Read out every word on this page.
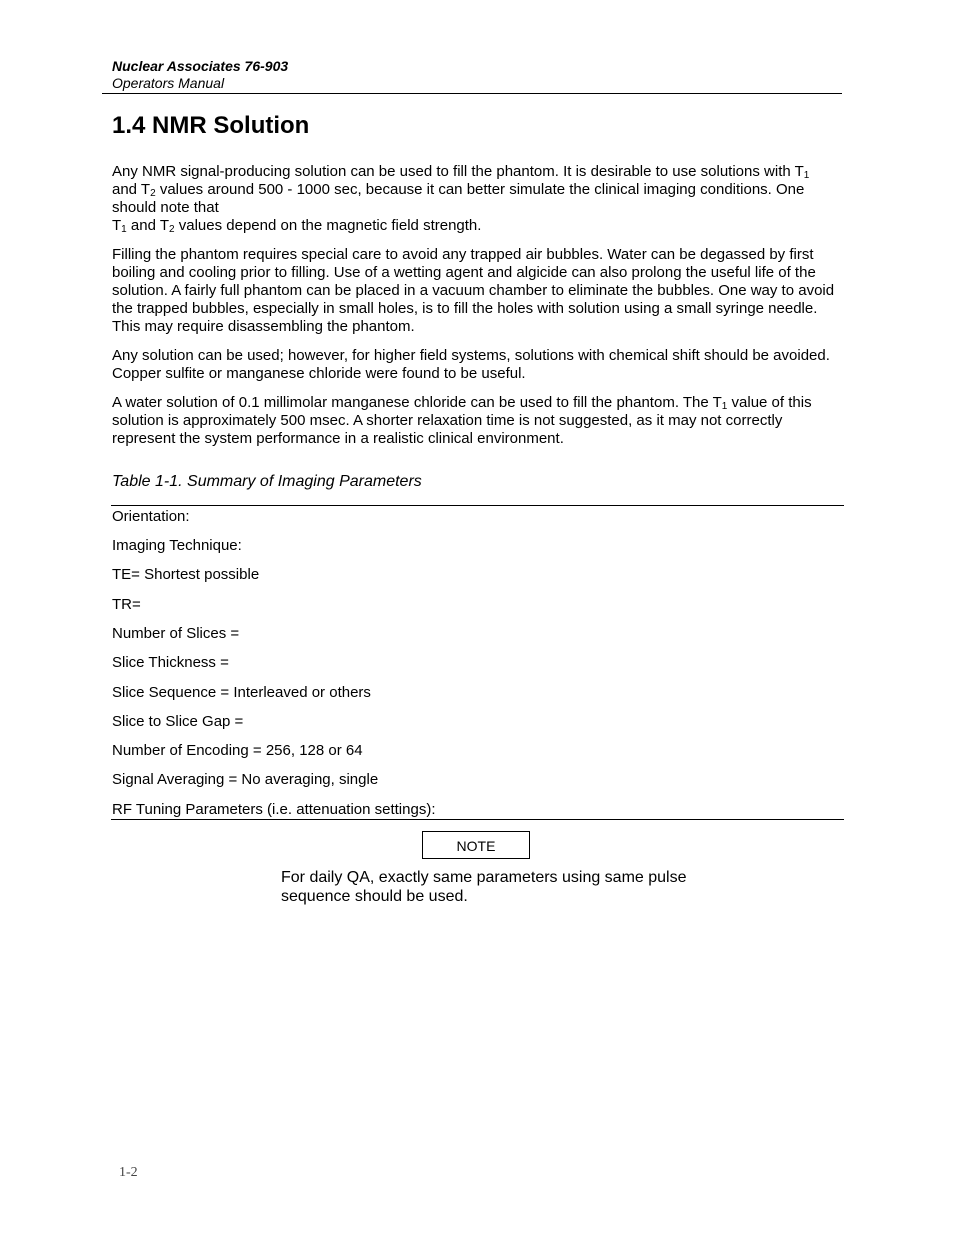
Nuclear Associates 76-903
Operators Manual
1.4 NMR Solution

Any NMR signal-producing solution can be used to fill the phantom. It is desirable to use solutions with $T_1$
and $T_2$ values around 500 - 1000 sec, because it can better simulate the clinical imaging conditions. One should note that
$T_1$ and $T_2$ values depend on the magnetic field strength.

Filling the phantom requires special care to avoid any trapped air bubbles. Water can be degassed by first boiling and cooling prior to filling. Use of a wetting agent and algicide can also prolong the useful life of the solution. A fairly full phantom can be placed in a vacuum chamber to eliminate the bubbles. One way to avoid the trapped bubbles, especially in small holes, is to fill the holes with solution using a small syringe needle. This may require disassembling the phantom.

Any solution can be used; however, for higher field systems, solutions with chemical shift should be avoided. Copper sulfite or manganese chloride were found to be useful.

A water solution of 0.1 millimolar manganese chloride can be used to fill the phantom. The $T_1$ value of this solution is approximately 500 msec. A shorter relaxation time is not suggested, as it may not correctly represent the system performance in a realistic clinical environment.

Table 1-1. Summary of Imaging Parameters
Orientation:
Imaging Technique:
TE= Shortest possible
TR=
Number of Slices =
Slice Thickness =
Slice Sequence = Interleaved or others
Slice to Slice Gap =
Number of Encoding = 256, 128 or 64
Signal Averaging = No averaging, single
RF Tuning Parameters (i.e. attenuation settings):
NOTE
For daily QA, exactly same parameters using same pulse sequence should be used.
1-2
